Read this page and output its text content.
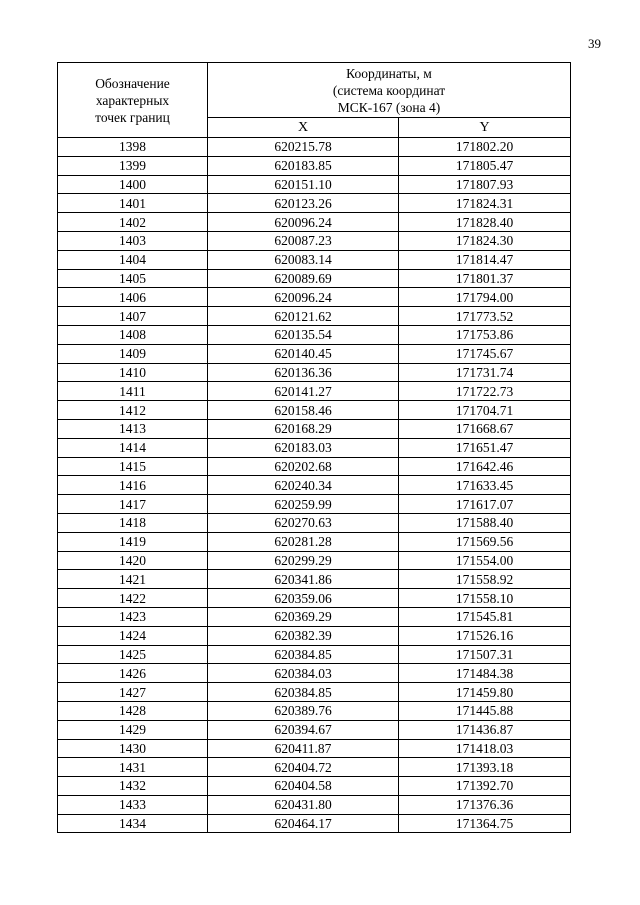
39
Обозначение
характерных
точек границ	Координаты, м
(система координат
МСК-167 (зона 4)	
	X	Y
1398	620215.78	171802.20
1399	620183.85	171805.47
1400	620151.10	171807.93
1401	620123.26	171824.31
1402	620096.24	171828.40
1403	620087.23	171824.30
1404	620083.14	171814.47
1405	620089.69	171801.37
1406	620096.24	171794.00
1407	620121.62	171773.52
1408	620135.54	171753.86
1409	620140.45	171745.67
1410	620136.36	171731.74
1411	620141.27	171722.73
1412	620158.46	171704.71
1413	620168.29	171668.67
1414	620183.03	171651.47
1415	620202.68	171642.46
1416	620240.34	171633.45
1417	620259.99	171617.07
1418	620270.63	171588.40
1419	620281.28	171569.56
1420	620299.29	171554.00
1421	620341.86	171558.92
1422	620359.06	171558.10
1423	620369.29	171545.81
1424	620382.39	171526.16
1425	620384.85	171507.31
1426	620384.03	171484.38
1427	620384.85	171459.80
1428	620389.76	171445.88
1429	620394.67	171436.87
1430	620411.87	171418.03
1431	620404.72	171393.18
1432	620404.58	171392.70
1433	620431.80	171376.36
1434	620464.17	171364.75
